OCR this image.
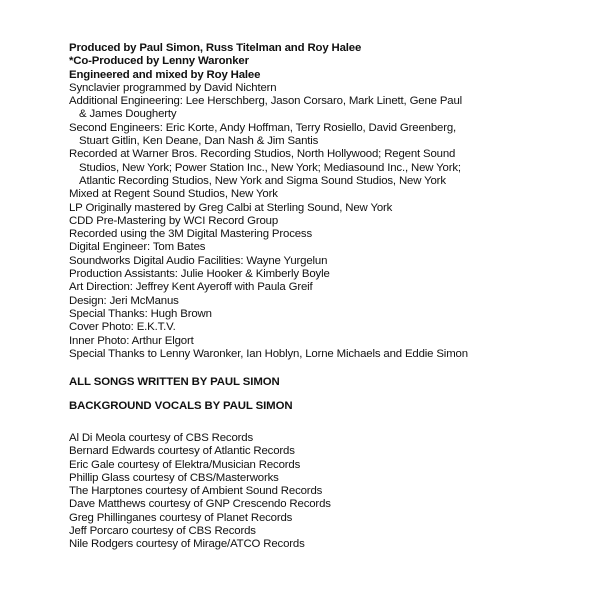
Produced by Paul Simon, Russ Titelman and Roy Halee
*Co-Produced by Lenny Waronker
Engineered and mixed by Roy Halee
Synclavier programmed by David Nichtern
Additional Engineering: Lee Herschberg, Jason Corsaro, Mark Linett, Gene Paul
& James Dougherty
Second Engineers: Eric Korte, Andy Hoffman, Terry Rosiello, David Greenberg,
Stuart Gitlin, Ken Deane, Dan Nash & Jim Santis
Recorded at Warner Bros. Recording Studios, North Hollywood; Regent Sound
Studios, New York; Power Station Inc., New York; Mediasound Inc., New York;
Atlantic Recording Studios, New York and Sigma Sound Studios, New York
Mixed at Regent Sound Studios, New York
LP Originally mastered by Greg Calbi at Sterling Sound, New York
CDD Pre-Mastering by WCI Record Group
Recorded using the 3M Digital Mastering Process
Digital Engineer: Tom Bates
Soundworks Digital Audio Facilities: Wayne Yurgelun
Production Assistants: Julie Hooker & Kimberly Boyle
Art Direction: Jeffrey Kent Ayeroff with Paula Greif
Design: Jeri McManus
Special Thanks: Hugh Brown
Cover Photo: E.K.T.V.
Inner Photo: Arthur Elgort
Special Thanks to Lenny Waronker, Ian Hoblyn, Lorne Michaels and Eddie Simon
ALL SONGS WRITTEN BY PAUL SIMON
BACKGROUND VOCALS BY PAUL SIMON
Al Di Meola courtesy of CBS Records
Bernard Edwards courtesy of Atlantic Records
Eric Gale courtesy of Elektra/Musician Records
Phillip Glass courtesy of CBS/Masterworks
The Harptones courtesy of Ambient Sound Records
Dave Matthews courtesy of GNP Crescendo Records
Greg Phillinganes courtesy of Planet Records
Jeff Porcaro courtesy of CBS Records
Nile Rodgers courtesy of Mirage/ATCO Records
